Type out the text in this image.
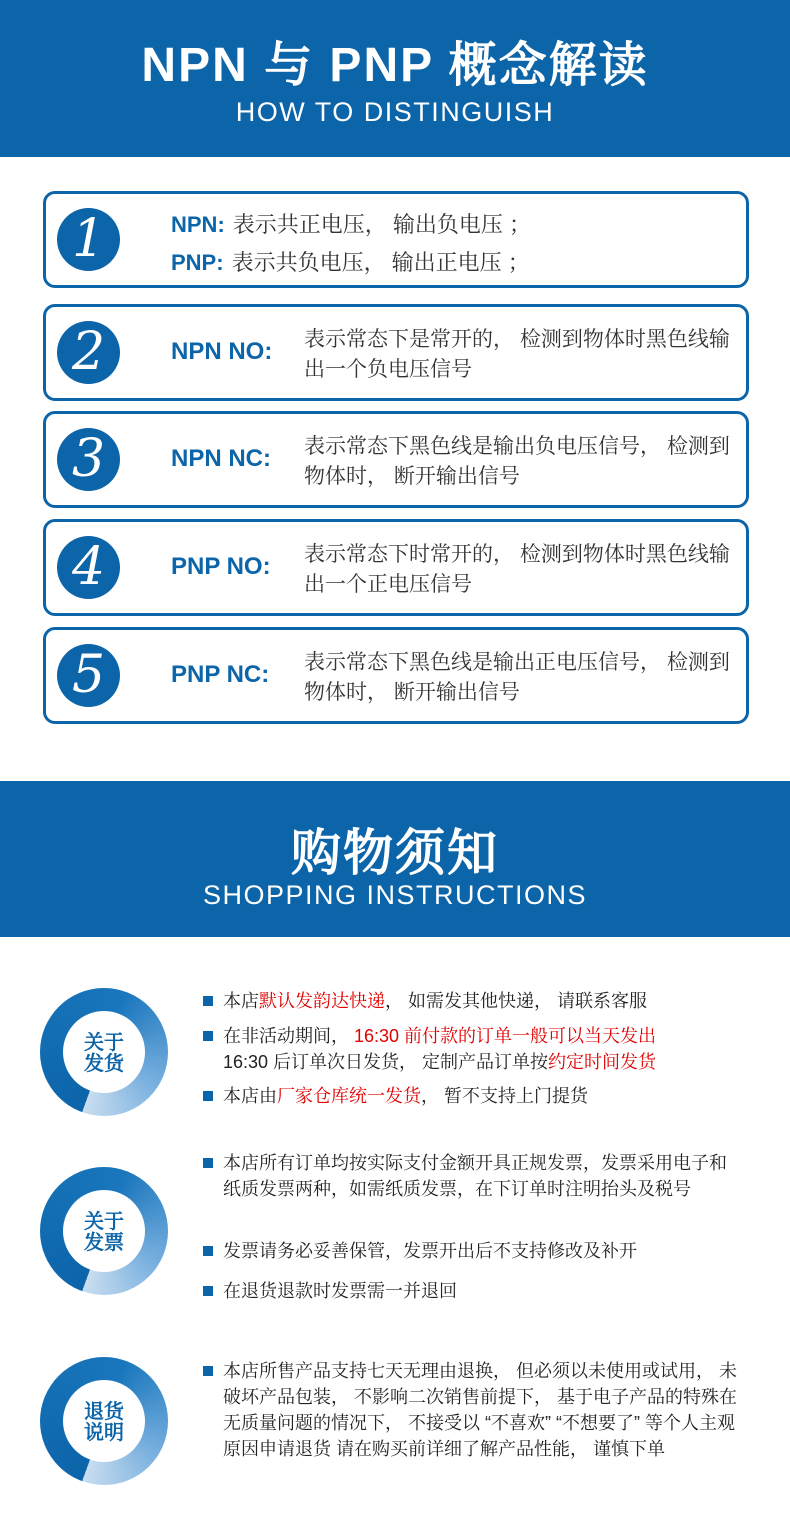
NPN 与 PNP 概念解读
HOW TO DISTINGUISH
1	NPN: 表示共正电压， 输出负电压 ；
PNP: 表示共负电压， 输出正电压 ；
2	NPN NO: 表示常态下是常开的， 检测到物体时黑色线输出一个负电压信号
3	NPN NC: 表示常态下黑色线是输出负电压信号， 检测到物体时， 断开输出信号
4	PNP NO: 表示常态下时常开的， 检测到物体时黑色线输出一个正电压信号
5	PNP NC: 表示常态下黑色线是输出正电压信号， 检测到物体时， 断开输出信号
购物须知
SHOPPING INSTRUCTIONS
关于
发货
本店默认发韵达快递， 如需发其他快递， 请联系客服
在非活动期间， 16:30 前付款的订单一般可以当天发出
16:30 后订单次日发货， 定制产品订单按约定时间发货
本店由厂家仓库统一发货， 暂不支持上门提货
关于
发票
本店所有订单均按实际支付金额开具正规发票，发票采用电子和纸质发票两种，如需纸质发票，在下订单时注明抬头及税号
发票请务必妥善保管，发票开出后不支持修改及补开
在退货退款时发票需一并退回
退货
说明
本店所售产品支持七天无理由退换， 但必须以未使用或试用， 未破坏产品包装， 不影响二次销售前提下， 基于电子产品的特殊在无质量问题的情况下， 不接受以 “不喜欢” “不想要了” 等个人主观原因申请退货 请在购买前详细了解产品性能， 谨慎下单
